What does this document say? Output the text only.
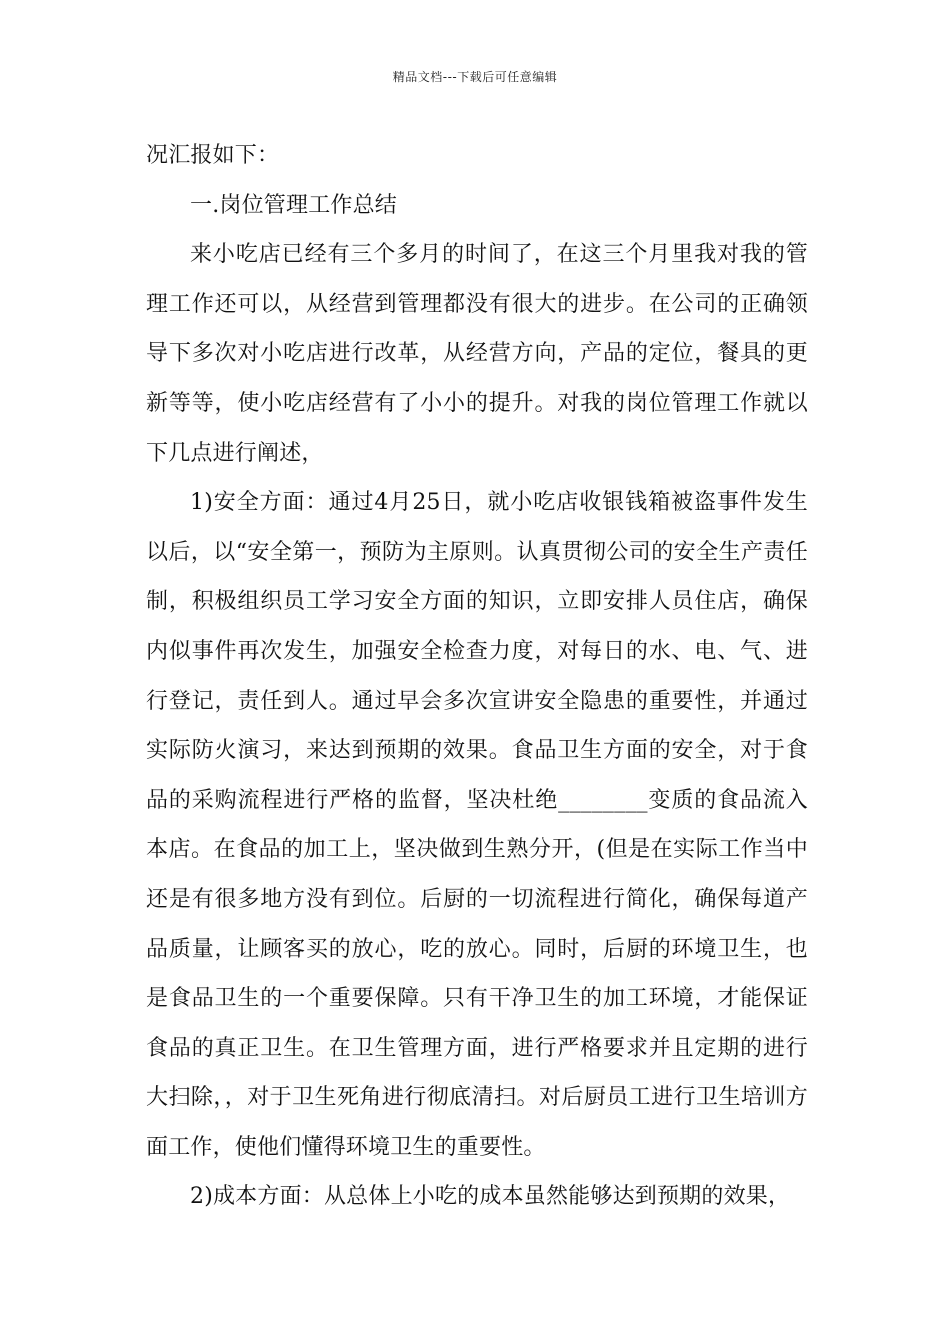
精品文档---下载后可任意编辑

况汇报如下：

一.岗位管理工作总结

来小吃店已经有三个多月的时间了，在这三个月里我对我的管理工作还可以，从经营到管理都没有很大的进步。在公司的正确领导下多次对小吃店进行改革，从经营方向，产品的定位，餐具的更新等等，使小吃店经营有了小小的提升。对我的岗位管理工作就以下几点进行阐述，

1)安全方面：通过4月25日，就小吃店收银钱箱被盗事件发生以后，以“安全第一，预防为主原则。认真贯彻公司的安全生产责任制，积极组织员工学习安全方面的知识，立即安排人员住店，确保内似事件再次发生，加强安全检查力度，对每日的水、电、气、进行登记，责任到人。通过早会多次宣讲安全隐患的重要性，并通过实际防火演习，来达到预期的效果。食品卫生方面的安全，对于食品的采购流程进行严格的监督，坚决杜绝________变质的食品流入本店。在食品的加工上，坚决做到生熟分开，(但是在实际工作当中还是有很多地方没有到位。后厨的一切流程进行简化，确保每道产品质量，让顾客买的放心，吃的放心。同时，后厨的环境卫生，也是食品卫生的一个重要保障。只有干净卫生的加工环境，才能保证食品的真正卫生。在卫生管理方面，进行严格要求并且定期的进行大扫除，，对于卫生死角进行彻底清扫。对后厨员工进行卫生培训方面工作，使他们懂得环境卫生的重要性。

2)成本方面：从总体上小吃的成本虽然能够达到预期的效果，
